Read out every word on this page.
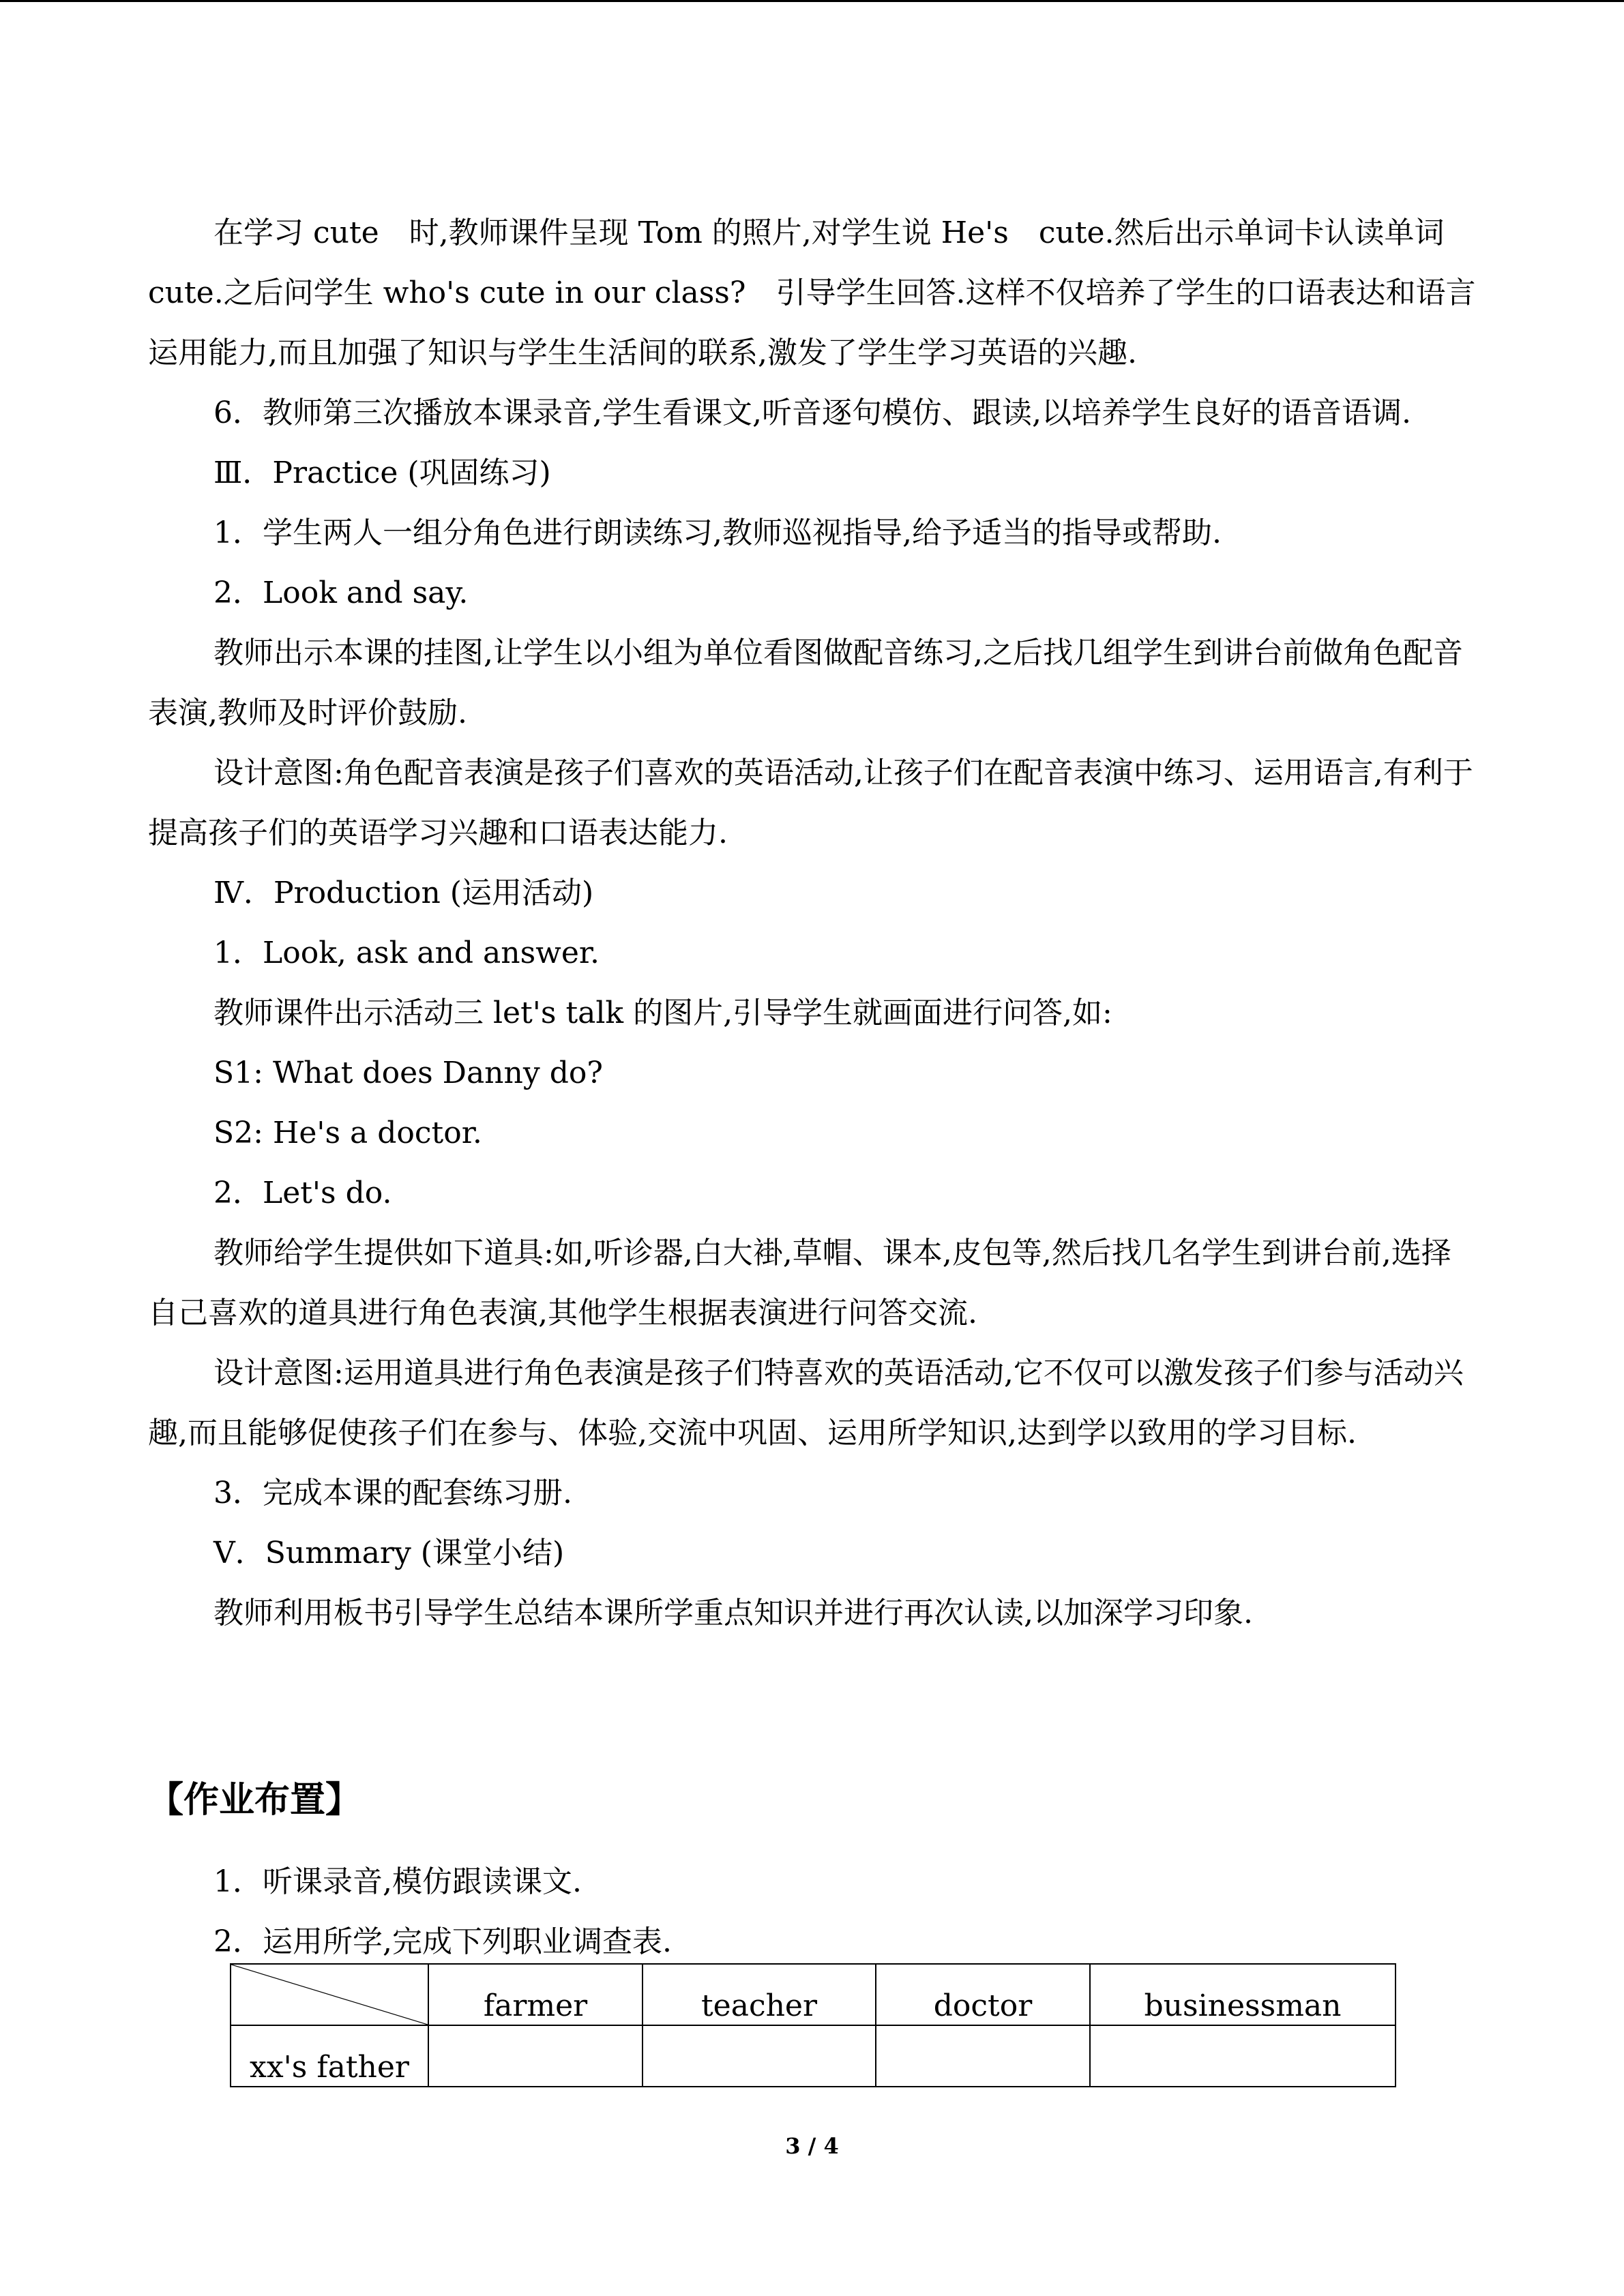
在学习 cute　时,教师课件呈现 Tom 的照片,对学生说 He's　cute.然后出示单词卡认读单词 cute.之后问学生 who's cute in our class?　引导学生回答.这样不仅培养了学生的口语表达和语言运用能力,而且加强了知识与学生生活间的联系,激发了学生学习英语的兴趣.

6．教师第三次播放本课录音,学生看课文,听音逐句模仿、跟读,以培养学生良好的语音语调.

Ⅲ．Practice (巩固练习)

1．学生两人一组分角色进行朗读练习,教师巡视指导,给予适当的指导或帮助.

2．Look and say.

教师出示本课的挂图,让学生以小组为单位看图做配音练习,之后找几组学生到讲台前做角色配音表演,教师及时评价鼓励.

设计意图:角色配音表演是孩子们喜欢的英语活动,让孩子们在配音表演中练习、运用语言,有利于提高孩子们的英语学习兴趣和口语表达能力.

Ⅳ．Production (运用活动)

1．Look, ask and answer.

教师课件出示活动三 let's talk 的图片,引导学生就画面进行问答,如:

S1: What does Danny do?

S2: He's a doctor.

2．Let's do.

教师给学生提供如下道具:如,听诊器,白大褂,草帽、课本,皮包等,然后找几名学生到讲台前,选择自己喜欢的道具进行角色表演,其他学生根据表演进行问答交流.

设计意图:运用道具进行角色表演是孩子们特喜欢的英语活动,它不仅可以激发孩子们参与活动兴趣,而且能够促使孩子们在参与、体验,交流中巩固、运用所学知识,达到学以致用的学习目标.

3．完成本课的配套练习册.

Ⅴ．Summary (课堂小结)

教师利用板书引导学生总结本课所学重点知识并进行再次认读,以加深学习印象.

【作业布置】

1．听课录音,模仿跟读课文.

2．运用所学,完成下列职业调查表.

	farmer	teacher	doctor	businessman
xx's father				
3 / 4
